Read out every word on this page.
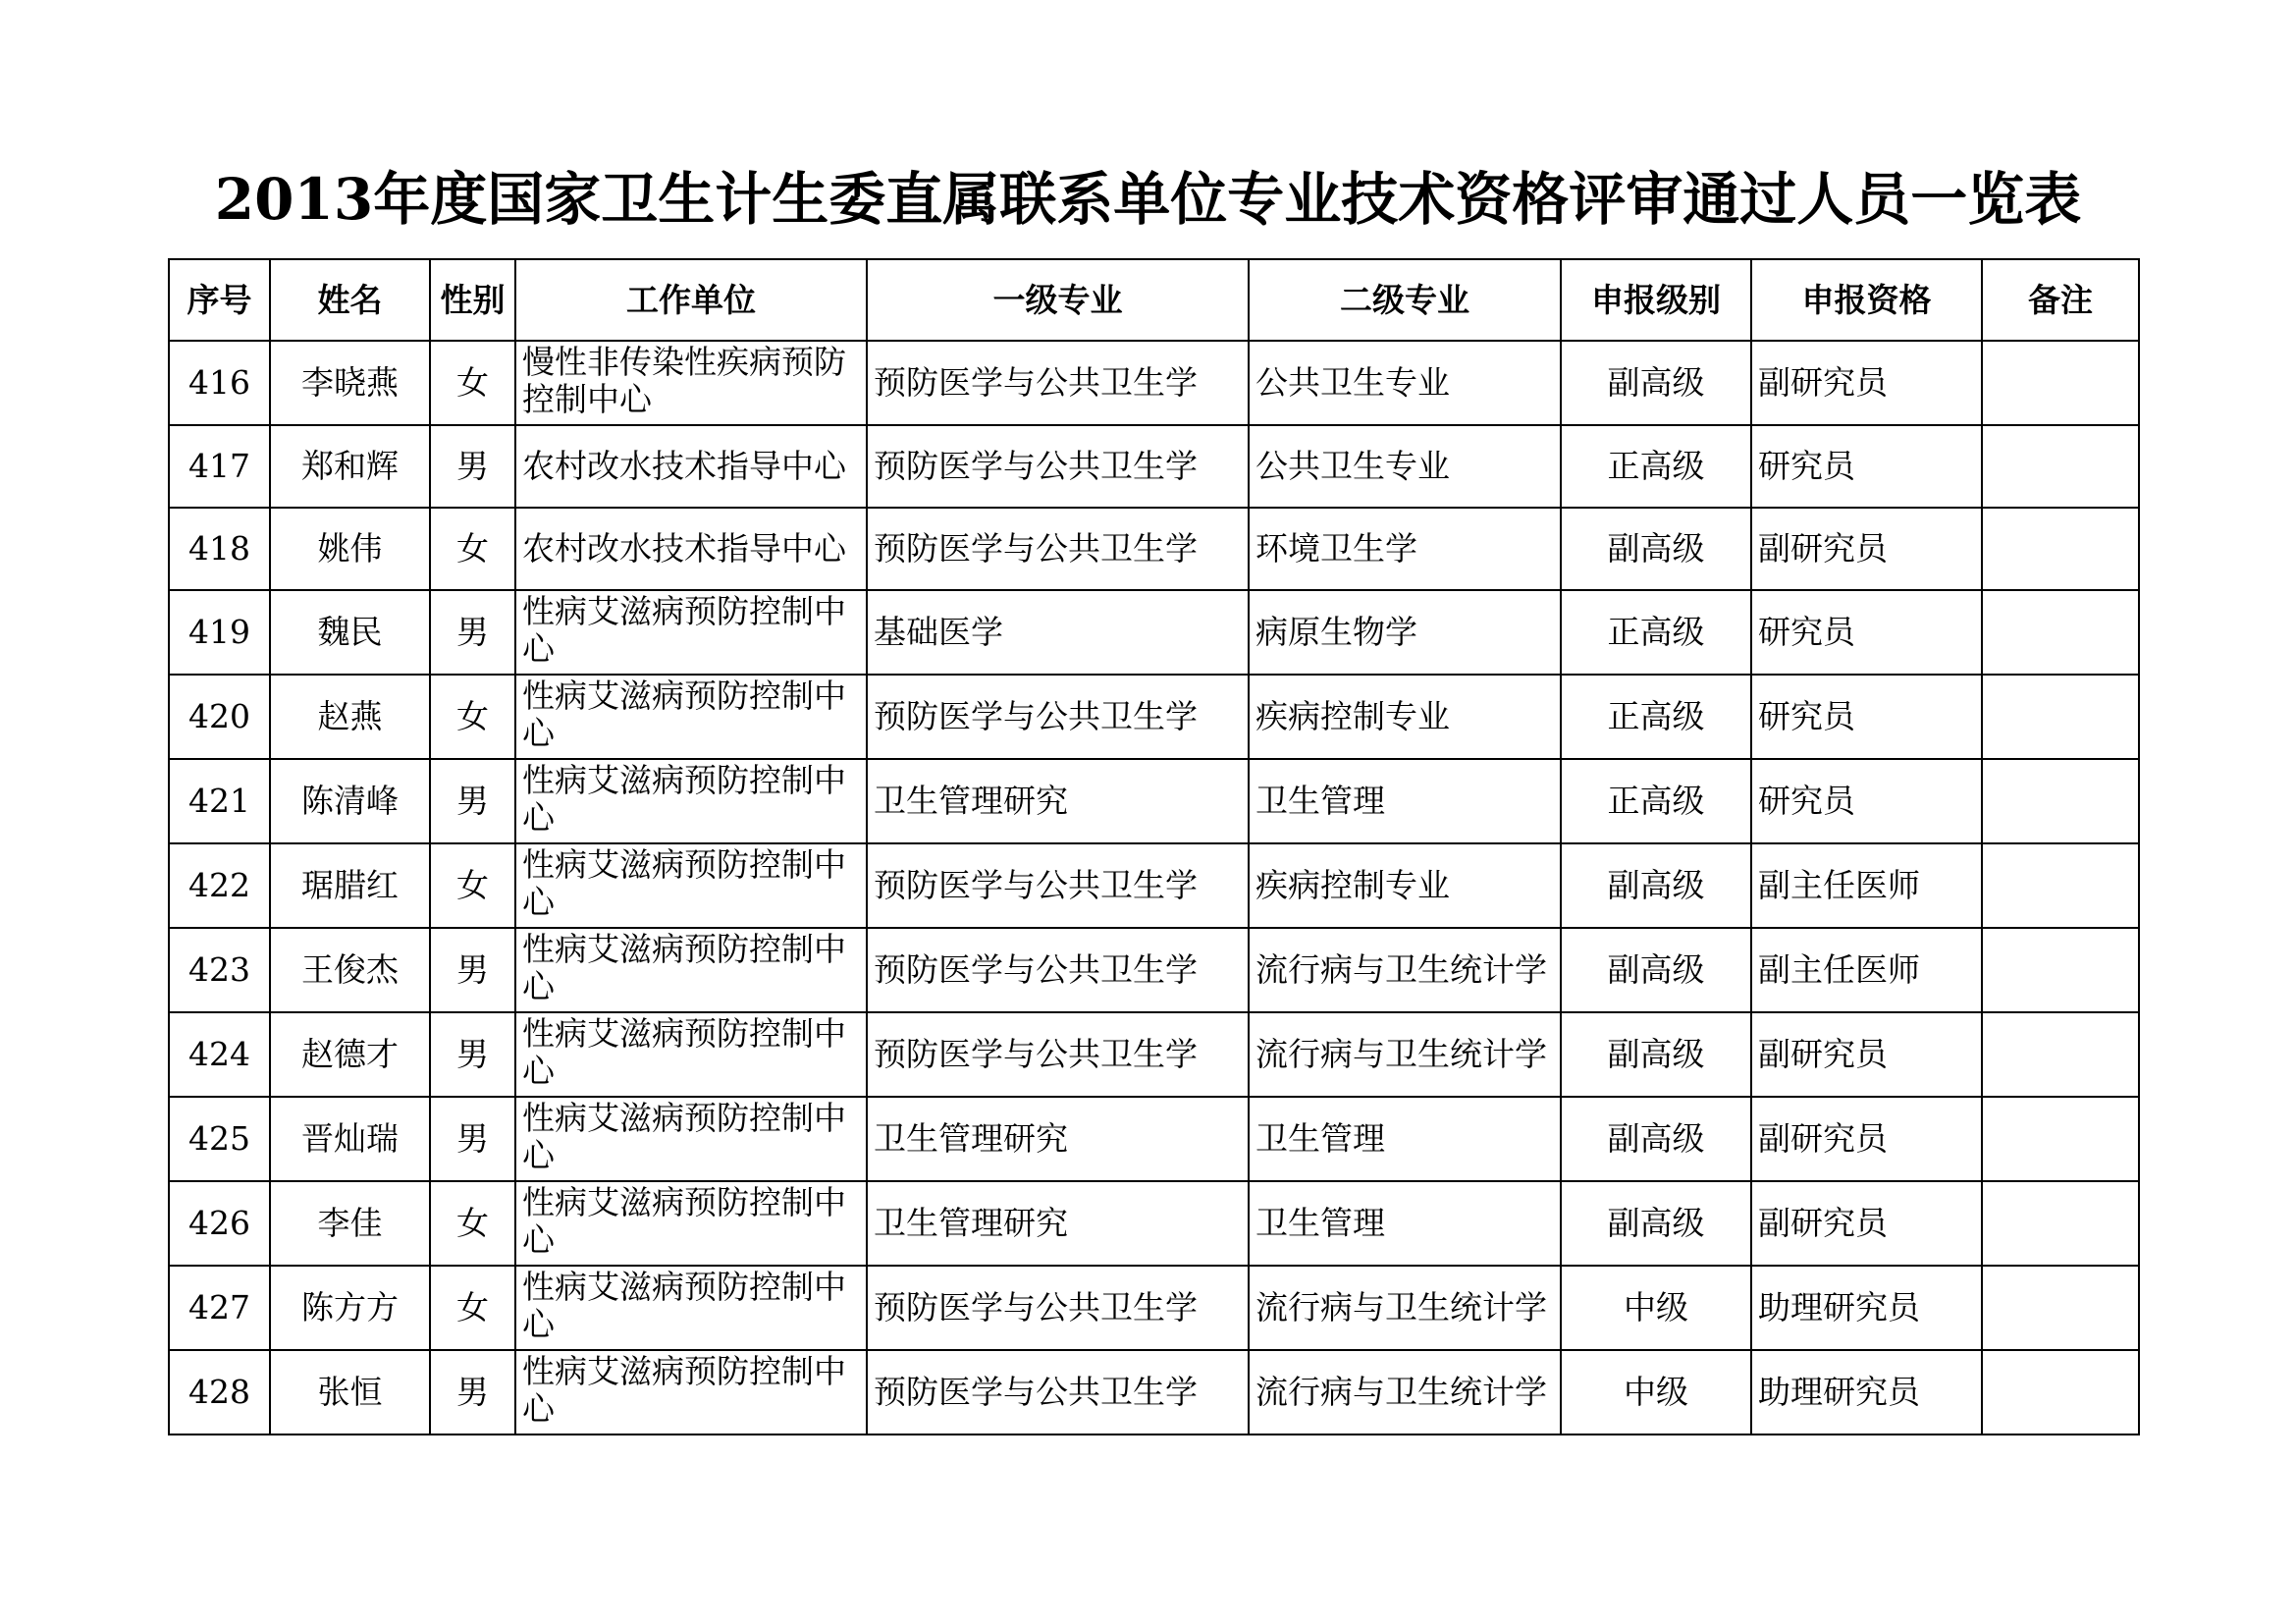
2013年度国家卫生计生委直属联系单位专业技术资格评审通过人员一览表
序号	姓名	性别	工作单位	一级专业	二级专业	申报级别	申报资格	备注
416	李晓燕	女	慢性非传染性疾病预防控制中心	预防医学与公共卫生学	公共卫生专业	副高级	副研究员	
417	郑和辉	男	农村改水技术指导中心	预防医学与公共卫生学	公共卫生专业	正高级	研究员	
418	姚伟	女	农村改水技术指导中心	预防医学与公共卫生学	环境卫生学	副高级	副研究员	
419	魏民	男	性病艾滋病预防控制中心	基础医学	病原生物学	正高级	研究员	
420	赵燕	女	性病艾滋病预防控制中心	预防医学与公共卫生学	疾病控制专业	正高级	研究员	
421	陈清峰	男	性病艾滋病预防控制中心	卫生管理研究	卫生管理	正高级	研究员	
422	琚腊红	女	性病艾滋病预防控制中心	预防医学与公共卫生学	疾病控制专业	副高级	副主任医师	
423	王俊杰	男	性病艾滋病预防控制中心	预防医学与公共卫生学	流行病与卫生统计学	副高级	副主任医师	
424	赵德才	男	性病艾滋病预防控制中心	预防医学与公共卫生学	流行病与卫生统计学	副高级	副研究员	
425	晋灿瑞	男	性病艾滋病预防控制中心	卫生管理研究	卫生管理	副高级	副研究员	
426	李佳	女	性病艾滋病预防控制中心	卫生管理研究	卫生管理	副高级	副研究员	
427	陈方方	女	性病艾滋病预防控制中心	预防医学与公共卫生学	流行病与卫生统计学	中级	助理研究员	
428	张恒	男	性病艾滋病预防控制中心	预防医学与公共卫生学	流行病与卫生统计学	中级	助理研究员	
